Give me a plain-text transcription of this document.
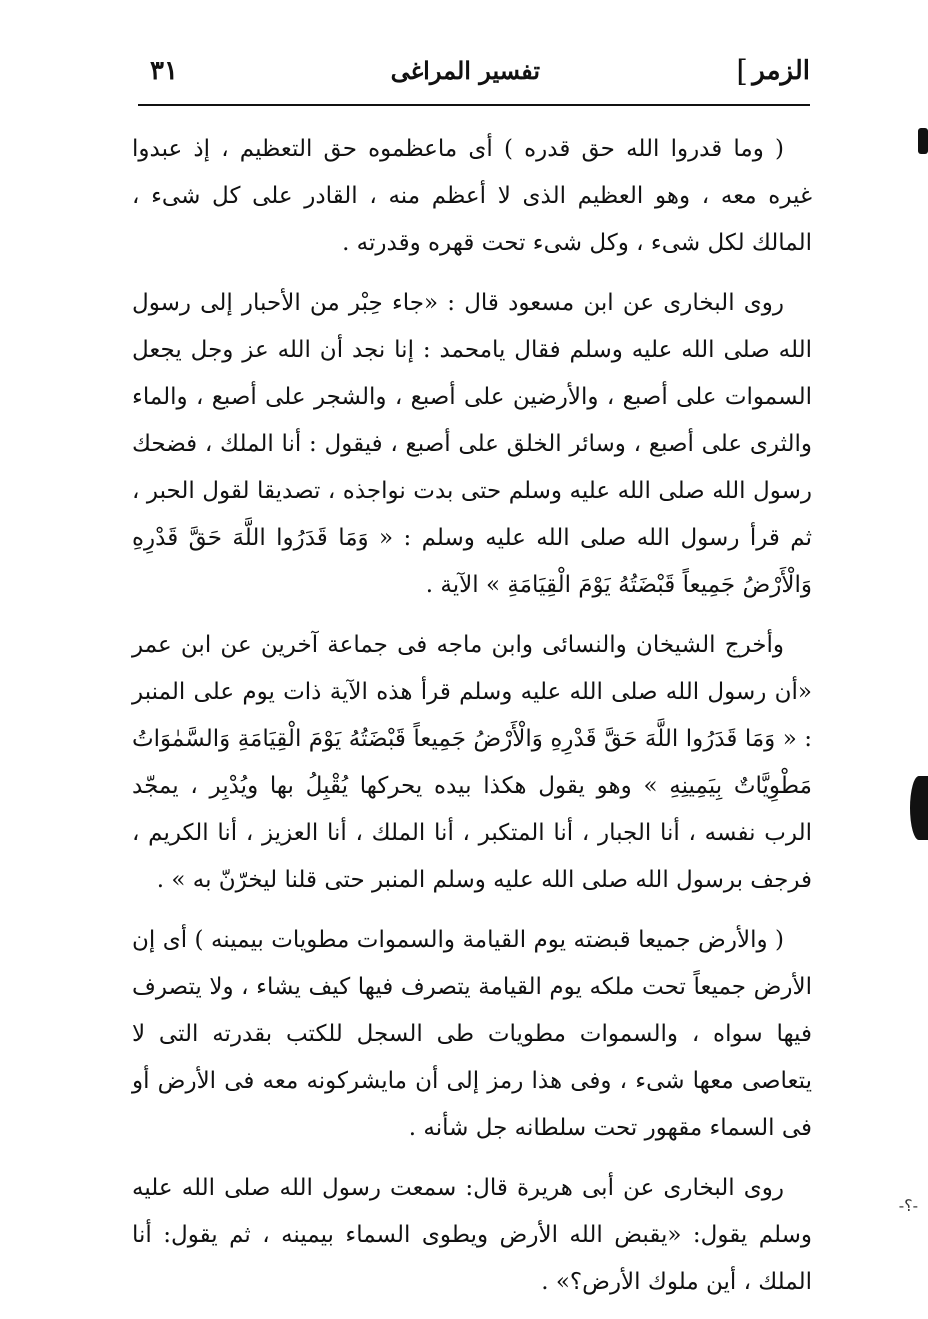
الزمر
]
تفسير المراغى
٣١

( وما قدروا الله حق قدره ) أى ماعظموه حق التعظيم ، إذ عبدوا غيره معه ، وهو العظيم الذى لا أعظم منه ، القادر على كل شىء ، المالك لكل شىء ، وكل شىء تحت قهره وقدرته .

روى البخارى عن ابن مسعود قال : «جاء حِبْر من الأحبار إلى رسول الله صلى الله عليه وسلم فقال يامحمد : إنا نجد أن الله عز وجل يجعل السموات على أصبع ، والأرضين على أصبع ، والشجر على أصبع ، والماء والثرى على أصبع ، وسائر الخلق على أصبع ، فيقول : أنا الملك ، فضحك رسول الله صلى الله عليه وسلم حتى بدت نواجذه ، تصديقا لقول الحبر ، ثم قرأ رسول الله صلى الله عليه وسلم : « وَمَا قَدَرُوا اللَّهَ حَقَّ قَدْرِهِ وَالْأَرْضُ جَمِيعاً قَبْضَتُهُ يَوْمَ الْقِيَامَةِ » الآية .

وأخرج الشيخان والنسائى وابن ماجه فى جماعة آخرين عن ابن عمر «أن رسول الله صلى الله عليه وسلم قرأ هذه الآية ذات يوم على المنبر : « وَمَا قَدَرُوا اللَّهَ حَقَّ قَدْرِهِ وَالْأَرْضُ جَمِيعاً قَبْضَتُهُ يَوْمَ الْقِيَامَةِ وَالسَّمٰوَاتُ مَطْوِيَّاتٌ بِيَمِينِهِ » وهو يقول هكذا بيده يحركها يُقْبِلُ بها ويُدْبِر ، يمجّد الرب نفسه ، أنا الجبار ، أنا المتكبر ، أنا الملك ، أنا العزيز ، أنا الكريم ، فرجف برسول الله صلى الله عليه وسلم المنبر حتى قلنا ليخرّنّ به » .

( والأرض جميعا قبضته يوم القيامة والسموات مطويات بيمينه ) أى إن الأرض جميعاً تحت ملكه يوم القيامة يتصرف فيها كيف يشاء ، ولا يتصرف فيها سواه ، والسموات مطويات طى السجل للكتب بقدرته التى لا يتعاصى معها شىء ، وفى هذا رمز إلى أن مايشركونه معه فى الأرض أو فى السماء مقهور تحت سلطانه جل شأنه .

روى البخارى عن أبى هريرة قال: سمعت رسول الله صلى الله عليه وسلم يقول: «يقبض الله الأرض ويطوى السماء بيمينه ، ثم يقول: أنا الملك ، أين ملوك الأرض؟» .

-؟-
